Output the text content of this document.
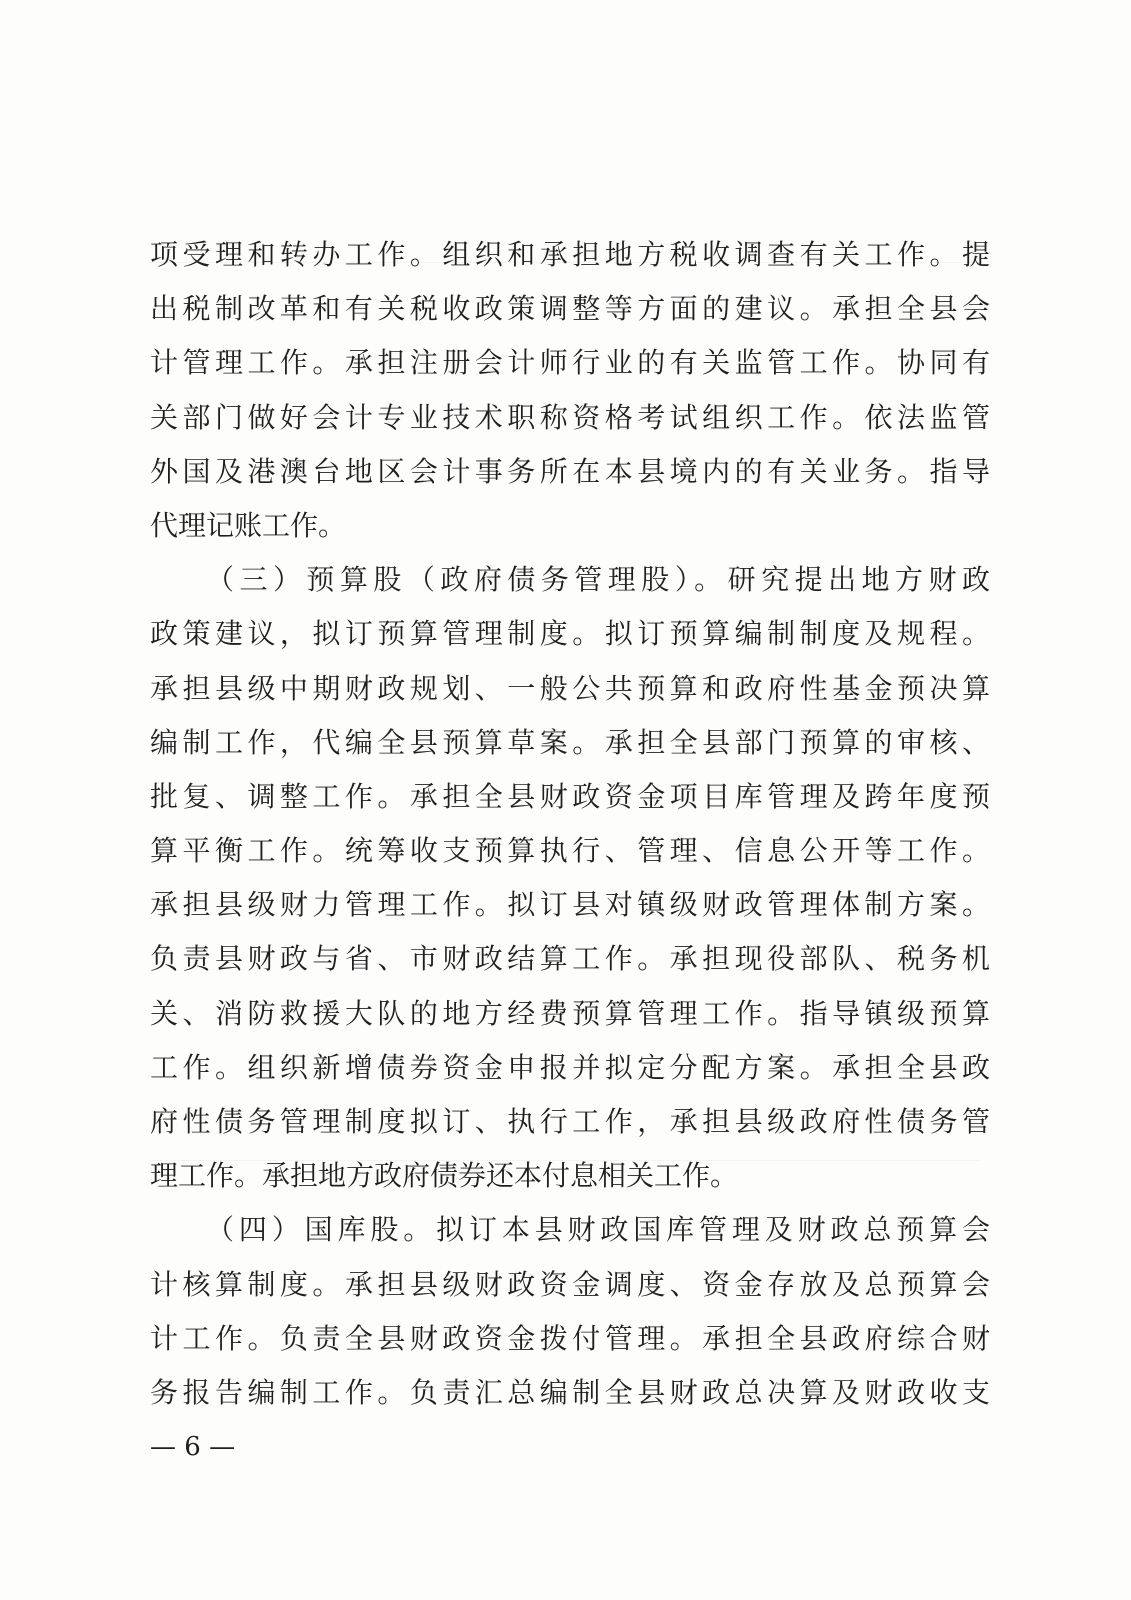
项受理和转办工作。组织和承担地方税收调查有关工作。提
出税制改革和有关税收政策调整等方面的建议。承担全县会
计管理工作。承担注册会计师行业的有关监管工作。协同有
关部门做好会计专业技术职称资格考试组织工作。依法监管
外国及港澳台地区会计事务所在本县境内的有关业务。指导
代理记账工作。
（三）预算股（政府债务管理股）。研究提出地方财政
政策建议，拟订预算管理制度。拟订预算编制制度及规程。
承担县级中期财政规划、一般公共预算和政府性基金预决算
编制工作，代编全县预算草案。承担全县部门预算的审核、
批复、调整工作。承担全县财政资金项目库管理及跨年度预
算平衡工作。统筹收支预算执行、管理、信息公开等工作。
承担县级财力管理工作。拟订县对镇级财政管理体制方案。
负责县财政与省、市财政结算工作。承担现役部队、税务机
关、消防救援大队的地方经费预算管理工作。指导镇级预算
工作。组织新增债券资金申报并拟定分配方案。承担全县政
府性债务管理制度拟订、执行工作，承担县级政府性债务管
理工作。承担地方政府债券还本付息相关工作。
（四）国库股。拟订本县财政国库管理及财政总预算会
计核算制度。承担县级财政资金调度、资金存放及总预算会
计工作。负责全县财政资金拨付管理。承担全县政府综合财
务报告编制工作。负责汇总编制全县财政总决算及财政收支
— 6 —
